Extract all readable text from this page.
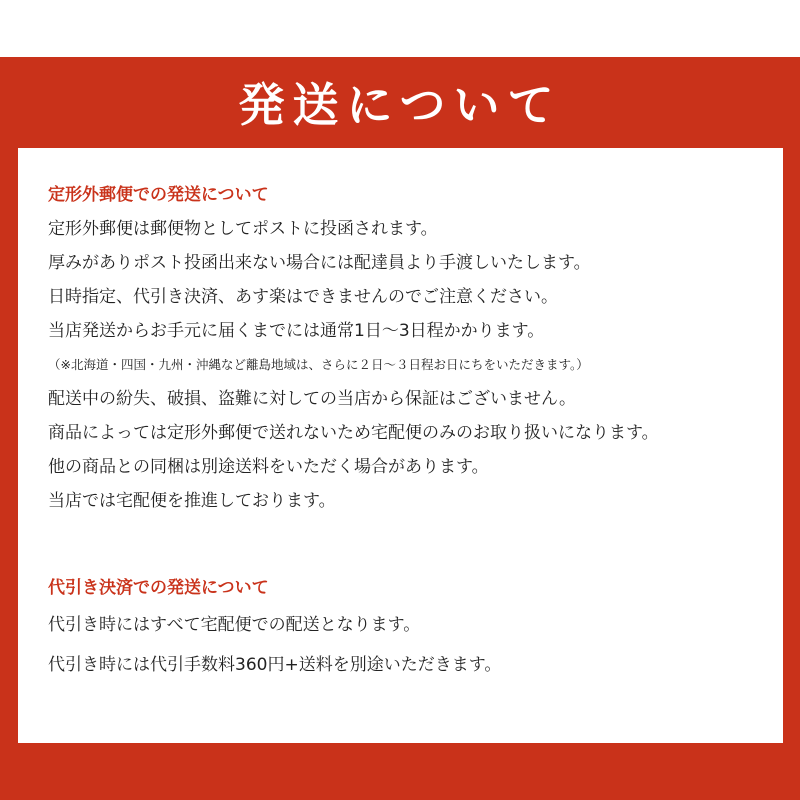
発送について
定形外郵便での発送について
定形外郵便は郵便物としてポストに投函されます。
厚みがありポスト投函出来ない場合には配達員より手渡しいたします。
日時指定、代引き決済、あす楽はできませんのでご注意ください。
当店発送からお手元に届くまでには通常1日～3日程かかります。
（※北海道・四国・九州・沖縄など離島地域は、さらに２日～３日程お日にちをいただきます。）
配送中の紛失、破損、盗難に対しての当店から保証はございません。
商品によっては定形外郵便で送れないため宅配便のみのお取り扱いになります。
他の商品との同梱は別途送料をいただく場合があります。
当店では宅配便を推進しております。
代引き決済での発送について
代引き時にはすべて宅配便での配送となります。
代引き時には代引手数料360円+送料を別途いただきます。
